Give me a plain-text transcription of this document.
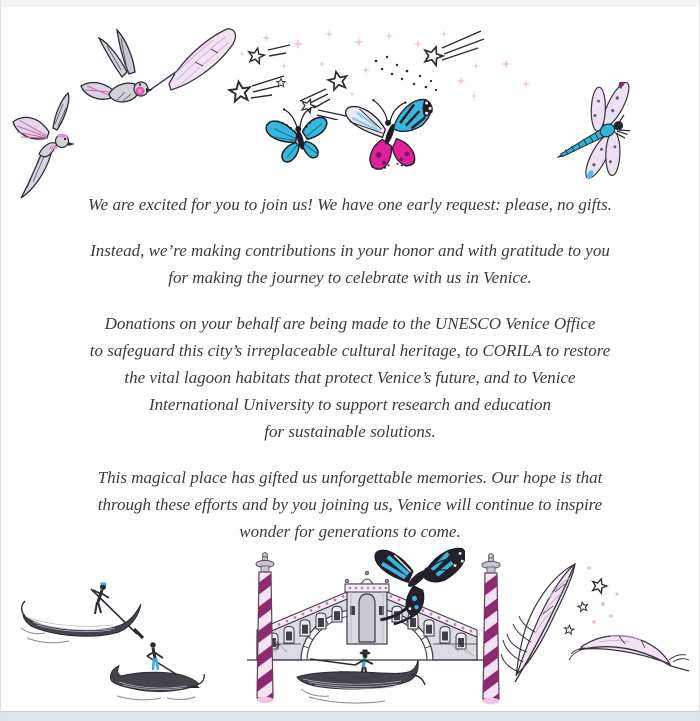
We are excited for you to join us! We have one early request: please, no gifts.

Instead, we’re making contributions in your honor and with gratitude to you
for making the journey to celebrate with us in Venice.

Donations on your behalf are being made to the UNESCO Venice Office
to safeguard this city’s irreplaceable cultural heritage, to CORILA to restore
the vital lagoon habitats that protect Venice’s future, and to Venice
International University to support research and education
for sustainable solutions.

This magical place has gifted us unforgettable memories. Our hope is that
through these efforts and by you joining us, Venice will continue to inspire
wonder for generations to come.
